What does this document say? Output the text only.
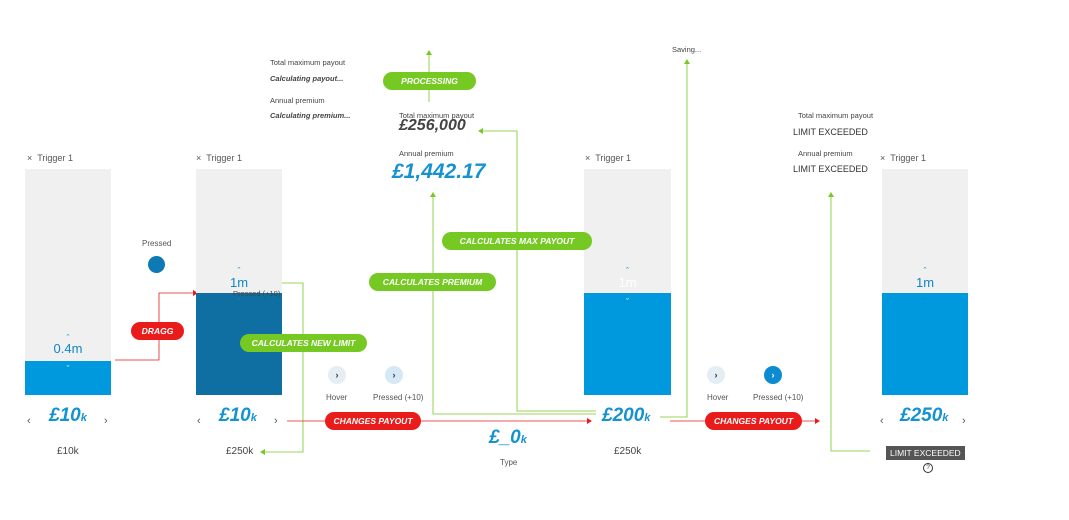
× Trigger 1
ˆ
0.4m
ˇ
‹ £10k ›
£10k
Pressed
× Trigger 1
ˆ
1m
Pressed (+10)
ˇ
‹ £10k ›
£250k
›
Hover
›
Pressed (+10)
£_0k
Type
Total maximum payout
Calculating payout...
Annual premium
Calculating premium...	Total maximum payout
£256,000
Annual premium
£1,442.17
Saving...
× Trigger 1
ˆ
1m
ˇ
£200k
£250k
›
Hover
›
Pressed (+10)
Total maximum payout
LIMIT EXCEEDED
Annual premium
LIMIT EXCEEDED
× Trigger 1
ˆ
1m
ˇ
‹ £250k ›
LIMIT EXCEEDED
?
DRAGG
CHANGES PAYOUT	CHANGES PAYOUT
PROCESSING
CALCULATES MAX PAYOUT
CALCULATES PREMIUM
CALCULATES NEW LIMIT
